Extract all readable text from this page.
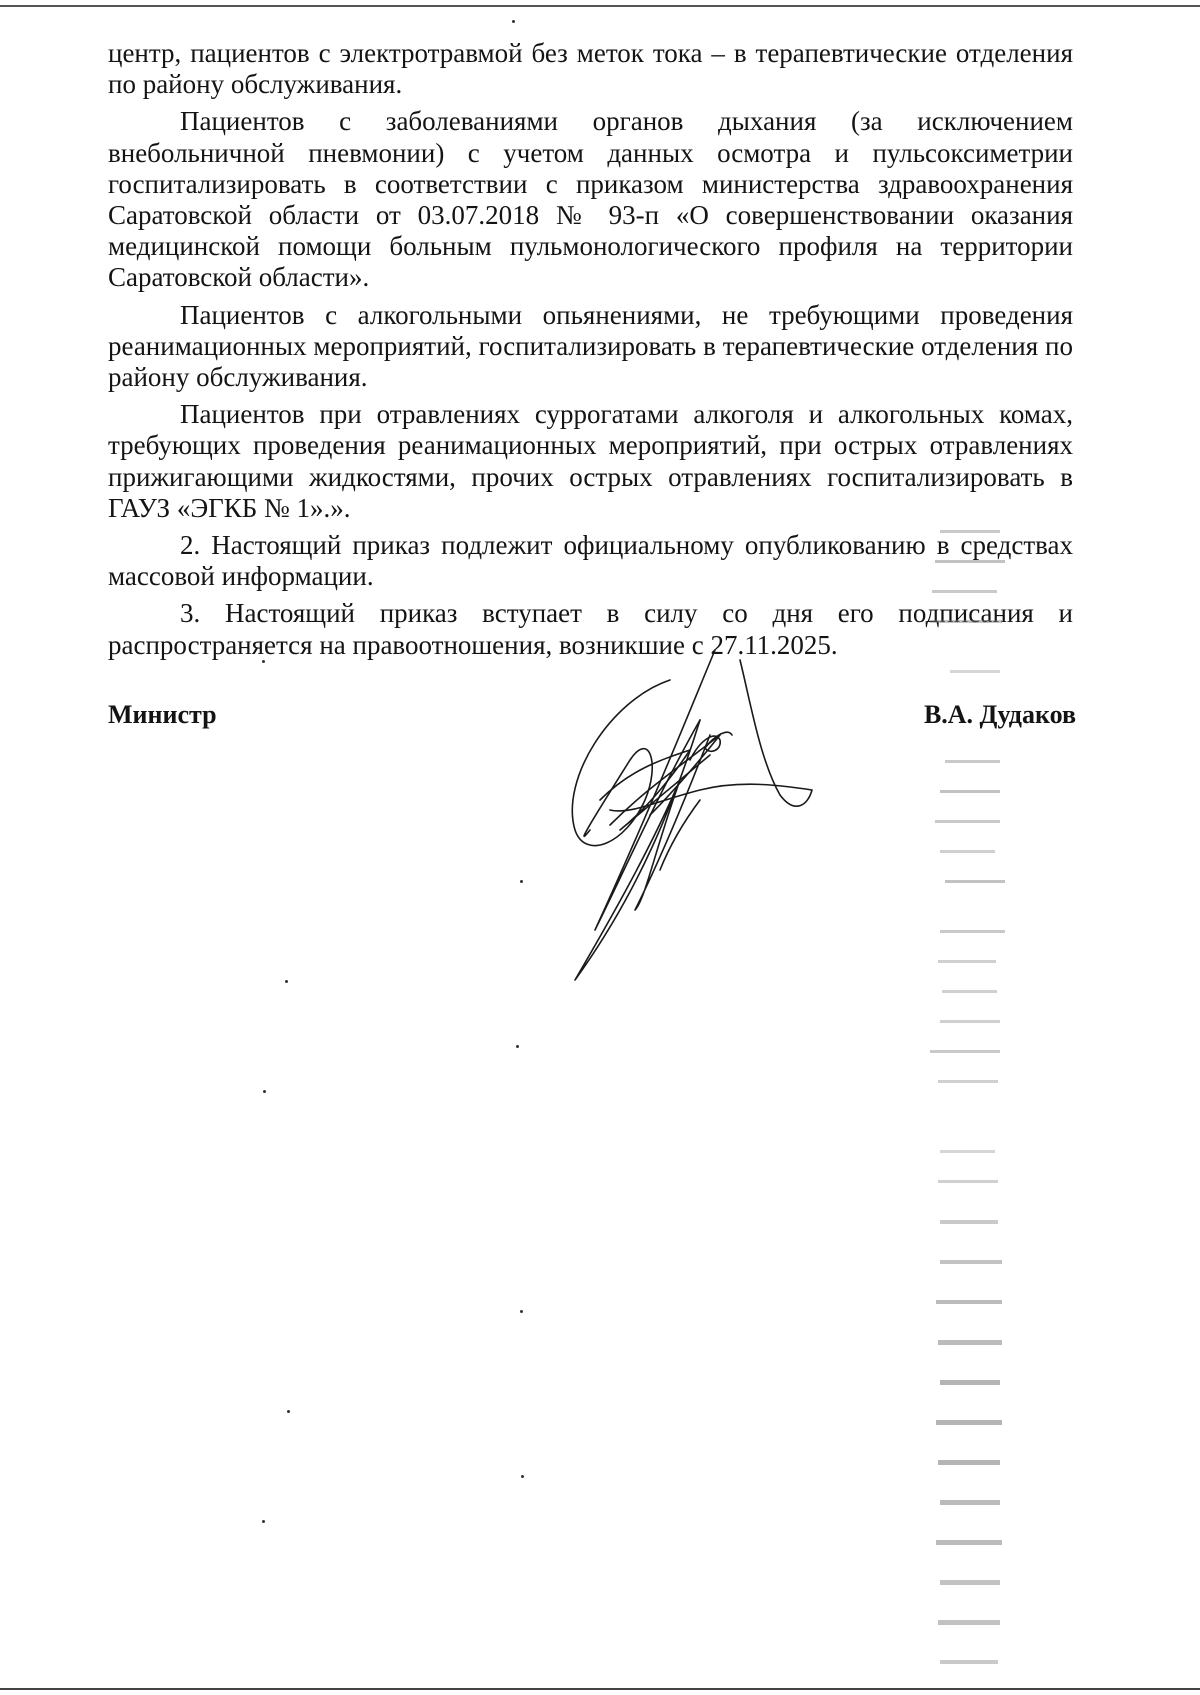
центр, пациентов с электротравмой без меток тока – в терапевтические отделения по району обслуживания.

Пациентов с заболеваниями органов дыхания (за исключением внебольничной пневмонии) с учетом данных осмотра и пульсоксиметрии госпитализировать в соответствии с приказом министерства здравоохранения Саратовской области от 03.07.2018 № 93-п «О совершенствовании оказания медицинской помощи больным пульмонологического профиля на территории Саратовской области».

Пациентов с алкогольными опьянениями, не требующими проведения реанимационных мероприятий, госпитализировать в терапевтические отделения по району обслуживания.

Пациентов при отравлениях суррогатами алкоголя и алкогольных комах, требующих проведения реанимационных мероприятий, при острых отравлениях прижигающими жидкостями, прочих острых отравлениях госпитализировать в ГАУЗ «ЭГКБ № 1».».

2. Настоящий приказ подлежит официальному опубликованию в средствах массовой информации.

3. Настоящий приказ вступает в силу со дня его подписания и распространяется на правоотношения, возникшие с 27.11.2025.

Министр	В.А. Дудаков
